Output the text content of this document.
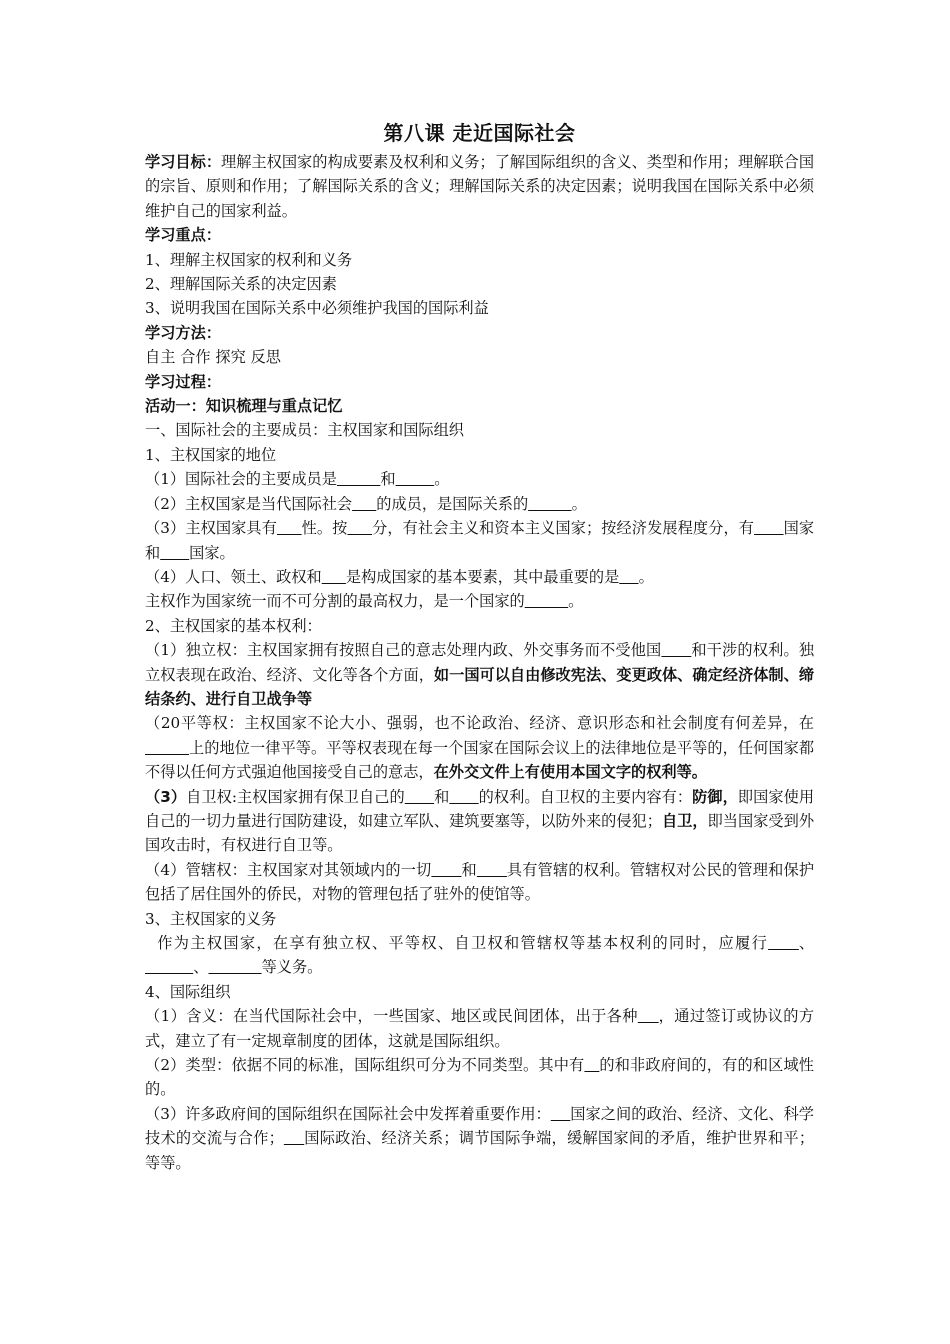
第八课 走近国际社会

学习目标：理解主权国家的构成要素及权利和义务；了解国际组织的含义、类型和作用；理解联合国的宗旨、原则和作用；了解国际关系的含义；理解国际关系的决定因素；说明我国在国际关系中必须维护自己的国家利益。

学习重点：

1、理解主权国家的权利和义务

2、理解国际关系的决定因素

3、说明我国在国际关系中必须维护我国的国际利益

学习方法：

自主 合作 探究 反思

学习过程：

活动一：知识梳理与重点记忆

一、国际社会的主要成员：主权国家和国际组织

1、主权国家的地位

（1）国际社会的主要成员是	和	。

（2）主权国家是当代国际社会 的成员，是国际关系的	。

（3）主权国家具有 性。按 分，有社会主义和资本主义国家；按经济发展程度分，有 国家和 国家。

（4）人口、领土、政权和 是构成国家的基本要素，其中最重要的是 。

主权作为国家统一而不可分割的最高权力，是一个国家的	。

2、主权国家的基本权利：

（1）独立权：主权国家拥有按照自己的意志处理内政、外交事务而不受他国 和干涉的权利。独立权表现在政治、经济、文化等各个方面，如一国可以自由修改宪法、变更政体、确定经济体制、缔结条约、进行自卫战争等

（20平等权：主权国家不论大小、强弱，也不论政治、经济、意识形态和社会制度有何差异，在         上的地位一律平等。平等权表现在每一个国家在国际会议上的法律地位是平等的，任何国家都不得以任何方式强迫他国接受自己的意志，在外交文件上有使用本国文字的权利等。

（3）自卫权:主权国家拥有保卫自己的 和 的权利。自卫权的主要内容有：防御，即国家使用自己的一切力量进行国防建设，如建立军队、建筑要塞等，以防外来的侵犯；自卫，即当国家受到外国攻击时，有权进行自卫等。

（4）管辖权：主权国家对其领域内的一切 和 具有管辖的权利。管辖权对公民的管理和保护包括了居住国外的侨民，对物的管理包括了驻外的使馆等。

3、主权国家的义务

作为主权国家，在享有独立权、平等权、自卫权和管辖权等基本权利的同时，应履行 、          、	等义务。

4、国际组织

（1）含义：在当代国际社会中，一些国家、地区或民间团体，出于各种 ，通过签订或协议的方式，建立了有一定规章制度的团体，这就是国际组织。

（2）类型：依据不同的标准，国际组织可分为不同类型。其中有 的和非政府间的，有的和区域性的。

（3）许多政府间的国际组织在国际社会中发挥着重要作用： 国家之间的政治、经济、文化、科学技术的交流与合作； 国际政治、经济关系；调节国际争端，缓解国家间的矛盾，维护世界和平；等等。
